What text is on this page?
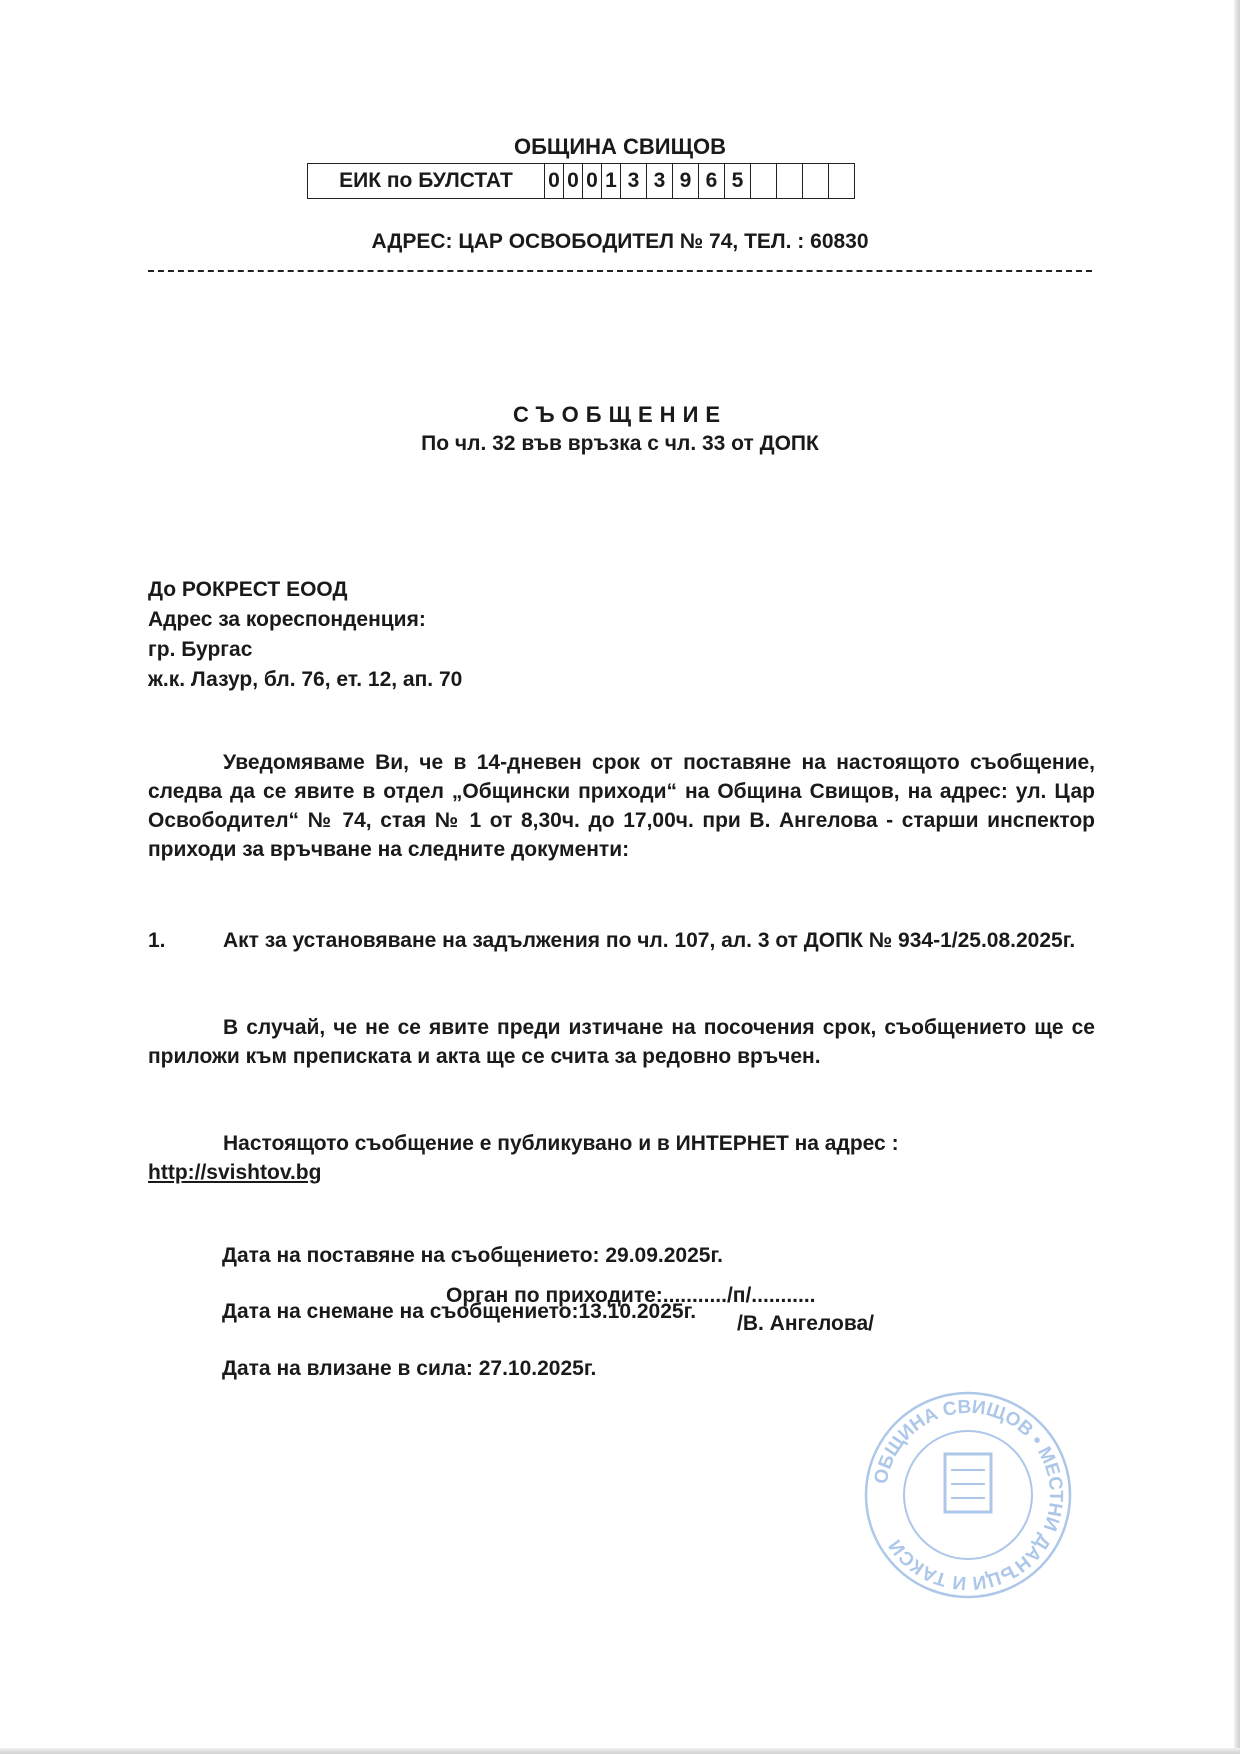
ОБЩИНА СВИЩОВ
ЕИК по БУЛСТАТ	0	0	0	1	3	3	9	6	5				
АДРЕС: ЦАР ОСВОБОДИТЕЛ № 74, ТЕЛ. : 60830
СЪОБЩЕНИЕ
По чл. 32 във връзка с чл. 33 от ДОПК
До РОКРЕСТ ЕООД
Адрес за кореспонденция:
гр. Бургас
ж.к. Лазур, бл. 76, ет. 12, ап. 70
Уведомяваме Ви, че в 14-дневен срок от поставяне на настоящото съобщение, следва да се явите в отдел „Общински приходи“ на Община Свищов, на адрес: ул. Цар Освободител“ № 74, стая № 1 от 8,30ч. до 17,00ч. при В. Ангелова - старши инспектор приходи за връчване на следните документи:
1.	Акт за установяване на задължения по чл. 107, ал. 3 от ДОПК № 934-1/25.08.2025г.
В случай, че не се явите преди изтичане на посочения срок, съобщението ще се приложи към преписката и акта ще се счита за редовно връчен.
Настоящото съобщение е публикувано и в ИНТЕРНЕТ на адрес :
http://svishtov.bg
Дата на поставяне на съобщението: 29.09.2025г.
Дата на снемане на съобщението:13.10.2025г.
Дата на влизане в сила: 27.10.2025г.
ОБЩИНА СВИЩОВ • МЕСТНИ ДАНЪЦИ И ТАКСИ
Орган по приходите:.........../п/...........
/В. Ангелова/
